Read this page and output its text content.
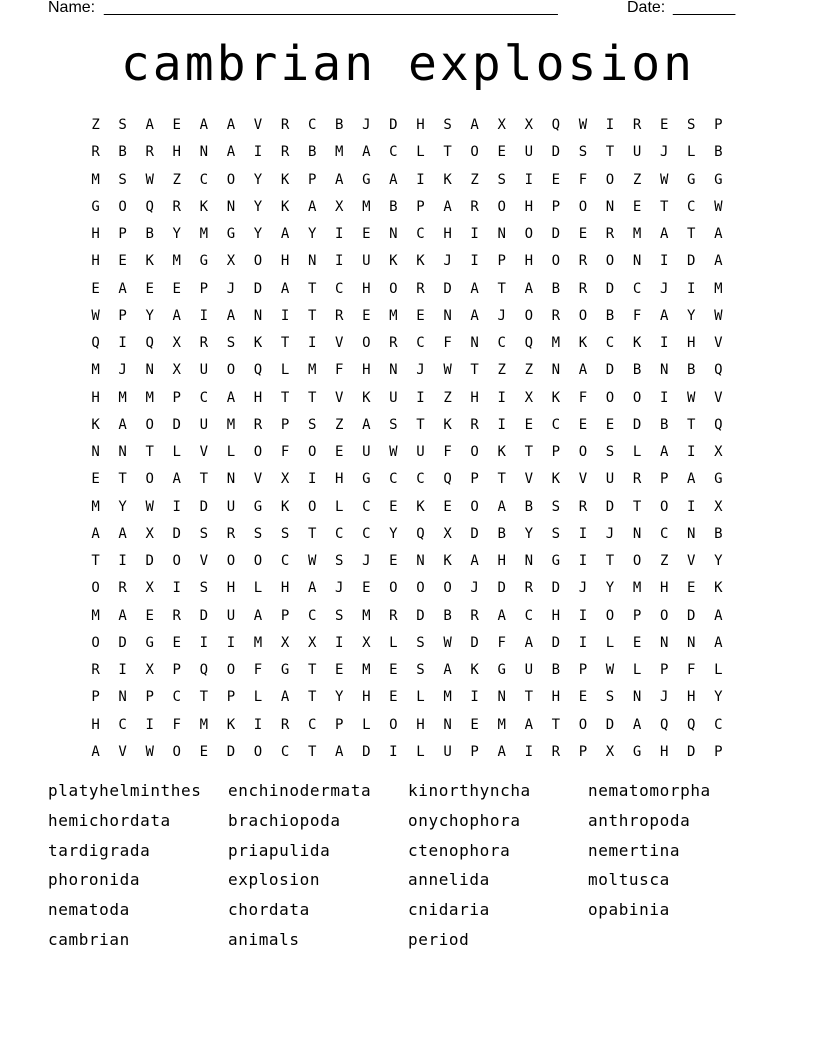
Name: ___________________________________________________	Date: _______
cambrian explosion
Z	S	A	E	A	A	V	R	C	B	J	D	H	S	A	X	X	Q	W	I	R	E	S	P
R	B	R	H	N	A	I	R	B	M	A	C	L	T	O	E	U	D	S	T	U	J	L	B
M	S	W	Z	C	O	Y	K	P	A	G	A	I	K	Z	S	I	E	F	O	Z	W	G	G
G	O	Q	R	K	N	Y	K	A	X	M	B	P	A	R	O	H	P	O	N	E	T	C	W
H	P	B	Y	M	G	Y	A	Y	I	E	N	C	H	I	N	O	D	E	R	M	A	T	A
H	E	K	M	G	X	O	H	N	I	U	K	K	J	I	P	H	O	R	O	N	I	D	A
E	A	E	E	P	J	D	A	T	C	H	O	R	D	A	T	A	B	R	D	C	J	I	M
W	P	Y	A	I	A	N	I	T	R	E	M	E	N	A	J	O	R	O	B	F	A	Y	W
Q	I	Q	X	R	S	K	T	I	V	O	R	C	F	N	C	Q	M	K	C	K	I	H	V
M	J	N	X	U	O	Q	L	M	F	H	N	J	W	T	Z	Z	N	A	D	B	N	B	Q
H	M	M	P	C	A	H	T	T	V	K	U	I	Z	H	I	X	K	F	O	O	I	W	V
K	A	O	D	U	M	R	P	S	Z	A	S	T	K	R	I	E	C	E	E	D	B	T	Q
N	N	T	L	V	L	O	F	O	E	U	W	U	F	O	K	T	P	O	S	L	A	I	X
E	T	O	A	T	N	V	X	I	H	G	C	C	Q	P	T	V	K	V	U	R	P	A	G
M	Y	W	I	D	U	G	K	O	L	C	E	K	E	O	A	B	S	R	D	T	O	I	X
A	A	X	D	S	R	S	S	T	C	C	Y	Q	X	D	B	Y	S	I	J	N	C	N	B
T	I	D	O	V	O	O	C	W	S	J	E	N	K	A	H	N	G	I	T	O	Z	V	Y
O	R	X	I	S	H	L	H	A	J	E	O	O	O	J	D	R	D	J	Y	M	H	E	K
M	A	E	R	D	U	A	P	C	S	M	R	D	B	R	A	C	H	I	O	P	O	D	A
O	D	G	E	I	I	M	X	X	I	X	L	S	W	D	F	A	D	I	L	E	N	N	A
R	I	X	P	Q	O	F	G	T	E	M	E	S	A	K	G	U	B	P	W	L	P	F	L
P	N	P	C	T	P	L	A	T	Y	H	E	L	M	I	N	T	H	E	S	N	J	H	Y
H	C	I	F	M	K	I	R	C	P	L	O	H	N	E	M	A	T	O	D	A	Q	Q	C
A	V	W	O	E	D	O	C	T	A	D	I	L	U	P	A	I	R	P	X	G	H	D	P
platyhelminthes	enchinodermata	kinorthyncha	nematomorpha
hemichordata	brachiopoda	onychophora	anthropoda
tardigrada	priapulida	ctenophora	nemertina
phoronida	explosion	annelida	moltusca
nematoda	chordata	cnidaria	opabinia
cambrian	animals	period
